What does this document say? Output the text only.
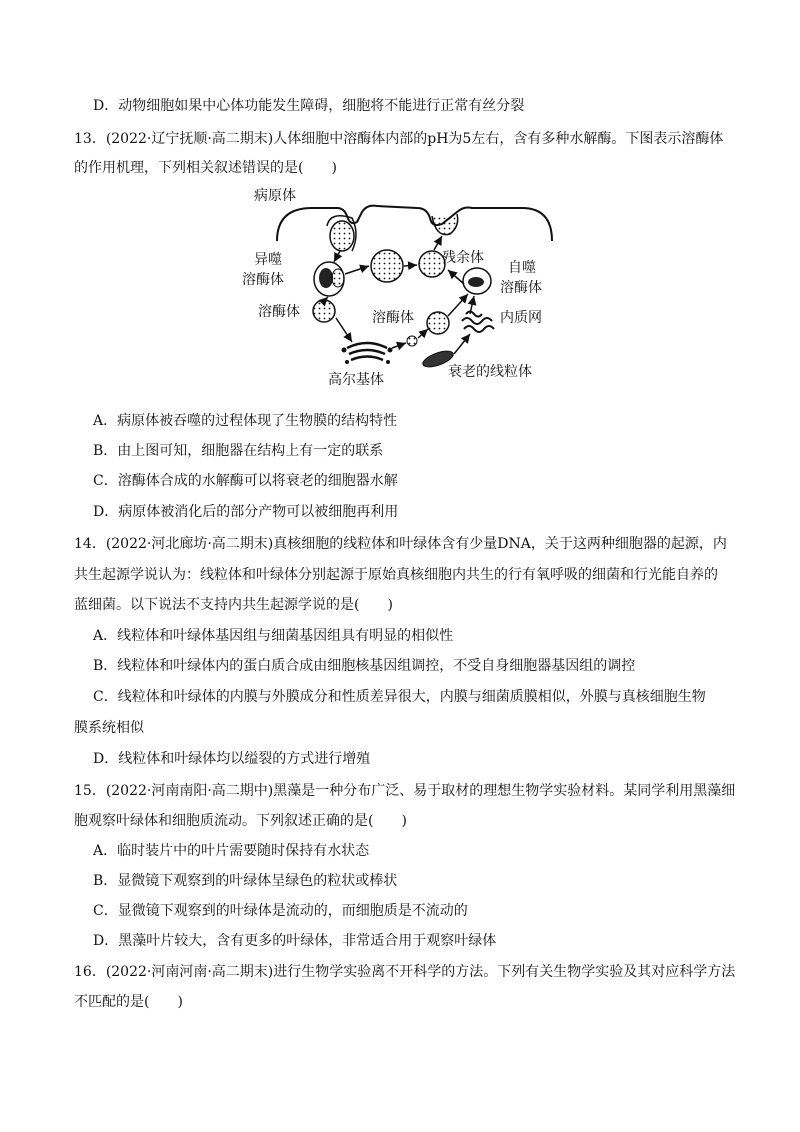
D．动物细胞如果中心体功能发生障碍，细胞将不能进行正常有丝分裂
13．(2022·辽宁抚顺·高二期末)人体细胞中溶酶体内部的pH为5左右，含有多种水解酶。下图表示溶酶体
的作用机理，下列相关叙述错误的是(　　)
病原体
异噬
溶酶体
残余体
自噬
溶酶体
溶酶体	溶酶体	内质网
高尔基体	衰老的线粒体
A．病原体被吞噬的过程体现了生物膜的结构特性
B．由上图可知，细胞器在结构上有一定的联系
C．溶酶体合成的水解酶可以将衰老的细胞器水解
D．病原体被消化后的部分产物可以被细胞再利用
14．(2022·河北廊坊·高二期末)真核细胞的线粒体和叶绿体含有少量DNA，关于这两种细胞器的起源，内
共生起源学说认为：线粒体和叶绿体分别起源于原始真核细胞内共生的行有氧呼吸的细菌和行光能自养的
蓝细菌。以下说法不支持内共生起源学说的是(　　)
A．线粒体和叶绿体基因组与细菌基因组具有明显的相似性
B．线粒体和叶绿体内的蛋白质合成由细胞核基因组调控，不受自身细胞器基因组的调控
C．线粒体和叶绿体的内膜与外膜成分和性质差异很大，内膜与细菌质膜相似，外膜与真核细胞生物
膜系统相似
D．线粒体和叶绿体均以缢裂的方式进行增殖
15．(2022·河南南阳·高二期中)黑藻是一种分布广泛、易于取材的理想生物学实验材料。某同学利用黑藻细
胞观察叶绿体和细胞质流动。下列叙述正确的是(　　)
A．临时装片中的叶片需要随时保持有水状态
B．显微镜下观察到的叶绿体呈绿色的粒状或棒状
C．显微镜下观察到的叶绿体是流动的，而细胞质是不流动的
D．黑藻叶片较大，含有更多的叶绿体，非常适合用于观察叶绿体
16．(2022·河南河南·高二期末)进行生物学实验离不开科学的方法。下列有关生物学实验及其对应科学方法
不匹配的是(　　)
